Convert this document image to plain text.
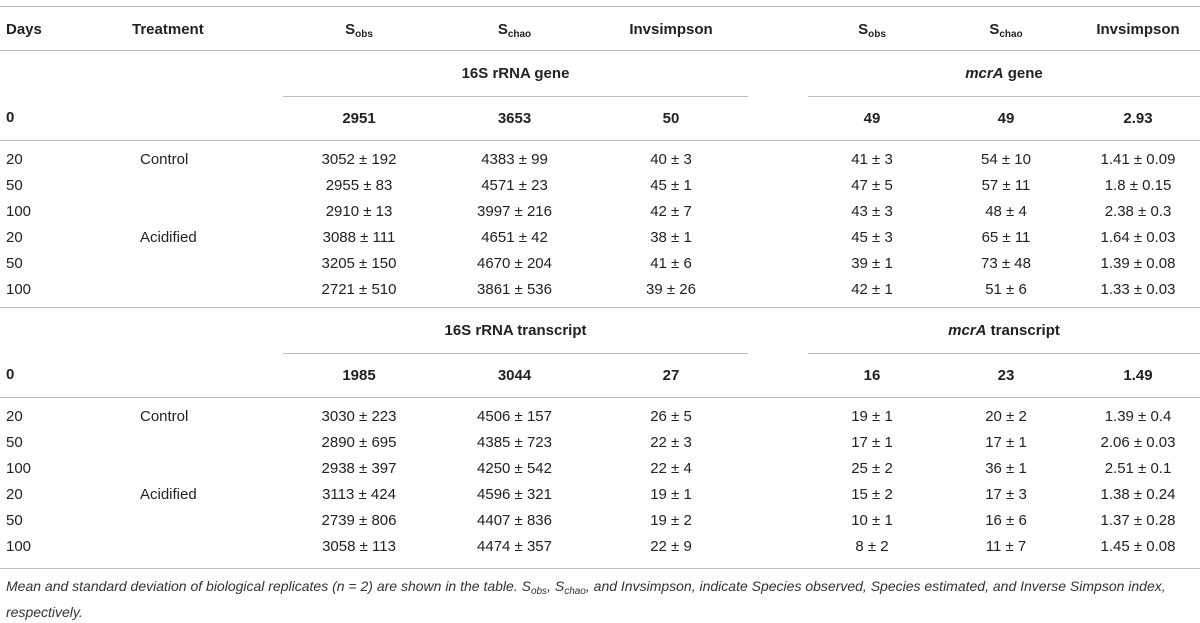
Days	Treatment	$S_{obs}$	$S_{chao}$	Invsimpson		$S_{obs}$	$S_{chao}$	Invsimpson
		16S rRNA gene				mcrA gene		
0		2951	3653	50		49	49	2.93
20	Control	3052 ± 192	4383 ± 99	40 ± 3		41 ± 3	54 ± 10	1.41 ± 0.09
50		2955 ± 83	4571 ± 23	45 ± 1		47 ± 5	57 ± 11	1.8 ± 0.15
100		2910 ± 13	3997 ± 216	42 ± 7		43 ± 3	48 ± 4	2.38 ± 0.3
20	Acidified	3088 ± 111	4651 ± 42	38 ± 1		45 ± 3	65 ± 11	1.64 ± 0.03
50		3205 ± 150	4670 ± 204	41 ± 6		39 ± 1	73 ± 48	1.39 ± 0.08
100		2721 ± 510	3861 ± 536	39 ± 26		42 ± 1	51 ± 6	1.33 ± 0.03
		16S rRNA transcript				mcrA transcript		
0		1985	3044	27		16	23	1.49
20	Control	3030 ± 223	4506 ± 157	26 ± 5		19 ± 1	20 ± 2	1.39 ± 0.4
50		2890 ± 695	4385 ± 723	22 ± 3		17 ± 1	17 ± 1	2.06 ± 0.03
100		2938 ± 397	4250 ± 542	22 ± 4		25 ± 2	36 ± 1	2.51 ± 0.1
20	Acidified	3113 ± 424	4596 ± 321	19 ± 1		15 ± 2	17 ± 3	1.38 ± 0.24
50		2739 ± 806	4407 ± 836	19 ± 2		10 ± 1	16 ± 6	1.37 ± 0.28
100		3058 ± 113	4474 ± 357	22 ± 9		8 ± 2	11 ± 7	1.45 ± 0.08
Mean and standard deviation of biological replicates (n = 2) are shown in the table. $S_{obs}$, $S_{chao}$, and Invsimpson, indicate Species observed, Species estimated, and Inverse Simpson index, respectively.
